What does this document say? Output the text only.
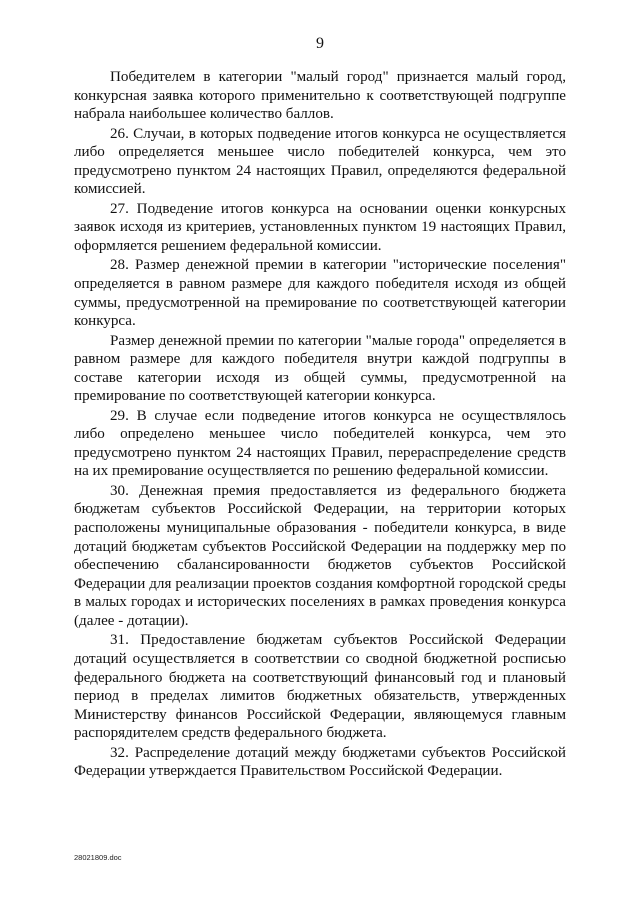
9

Победителем в категории "малый город" признается малый город, конкурсная заявка которого применительно к соответствующей подгруппе набрала наибольшее количество баллов.

26. Случаи, в которых подведение итогов конкурса не осуществляется либо определяется меньшее число победителей конкурса, чем это предусмотрено пунктом 24 настоящих Правил, определяются федеральной комиссией.

27. Подведение итогов конкурса на основании оценки конкурсных заявок исходя из критериев, установленных пунктом 19 настоящих Правил, оформляется решением федеральной комиссии.

28. Размер денежной премии в категории "исторические поселения" определяется в равном размере для каждого победителя исходя из общей суммы, предусмотренной на премирование по соответствующей категории конкурса.

Размер денежной премии по категории "малые города" определяется в равном размере для каждого победителя внутри каждой подгруппы в составе категории исходя из общей суммы, предусмотренной на премирование по соответствующей категории конкурса.

29. В случае если подведение итогов конкурса не осуществлялось либо определено меньшее число победителей конкурса, чем это предусмотрено пунктом 24 настоящих Правил, перераспределение средств на их премирование осуществляется по решению федеральной комиссии.

30. Денежная премия предоставляется из федерального бюджета бюджетам субъектов Российской Федерации, на территории которых расположены муниципальные образования - победители конкурса, в виде дотаций бюджетам субъектов Российской Федерации на поддержку мер по обеспечению сбалансированности бюджетов субъектов Российской Федерации для реализации проектов создания комфортной городской среды в малых городах и исторических поселениях в рамках проведения конкурса (далее - дотации).

31. Предоставление бюджетам субъектов Российской Федерации дотаций осуществляется в соответствии со сводной бюджетной росписью федерального бюджета на соответствующий финансовый год и плановый период в пределах лимитов бюджетных обязательств, утвержденных Министерству финансов Российской Федерации, являющемуся главным распорядителем средств федерального бюджета.

32. Распределение дотаций между бюджетами субъектов Российской Федерации утверждается Правительством Российской Федерации.

28021809.doc
